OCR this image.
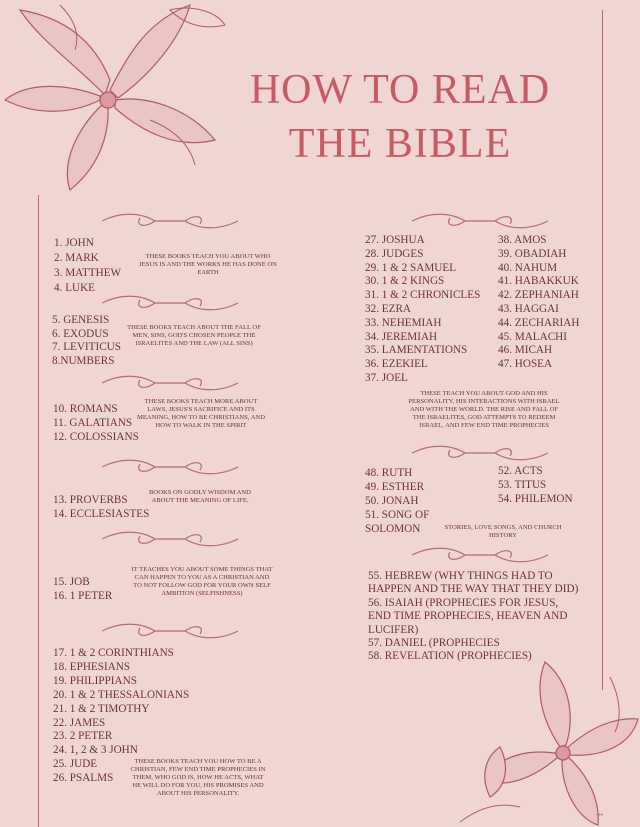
•••
HOW TO READ
THE BIBLE
1. JOHN
2. MARK
3. MATTHEW
4. LUKE
THESE BOOKS TEACH YOU ABOUT WHO JESUS IS AND THE WORKS HE HAS DONE ON EARTH
5. GENESIS
6. EXODUS
7. LEVITICUS
8.NUMBERS
THESE BOOKS TEACH ABOUT THE FALL OF MEN, SINS, GOD'S CHOSEN PEOPLE THE ISRAELITES AND THE LAW (ALL SINS)
10. ROMANS
11. GALATIANS
12. COLOSSIANS
THESE BOOKS TEACH MORE ABOUT LAWS, JESUS'S SACRIFICE AND ITS MEANING, HOW TO BE CHRISTIANS, AND HOW TO WALK IN THE SPIRIT
13. PROVERBS
14. ECCLESIASTES
BOOKS ON GODLY WISDOM AND ABOUT THE MEANING OF LIFE.
15. JOB
16. 1 PETER
IT TEACHES YOU ABOUT SOME THINGS THAT CAN HAPPEN TO YOU AS A CHRISTIAN AND TO NOT FOLLOW GOD FOR YOUR OWN SELF AMBITION (SELFISHNESS)
17. 1 & 2 CORINTHIANS
18. EPHESIANS
19. PHILIPPIANS
20. 1 & 2 THESSALONIANS
21. 1 & 2 TIMOTHY
22. JAMES
23. 2 PETER
24. 1, 2 & 3 JOHN
25. JUDE
26. PSALMS
THESE BOOKS TEACH YOU HOW TO BE A CHRISTIAN, FEW END TIME PROPHECIES IN THEM, WHO GOD IS, HOW HE ACTS, WHAT HE WILL DO FOR YOU, HIS PROMISES AND ABOUT HIS PERSONALITY.
27. JOSHUA
28. JUDGES
29. 1 & 2 SAMUEL
30. 1 & 2 KINGS
31. 1 & 2 CHRONICLES
32. EZRA
33. NEHEMIAH
34. JEREMIAH
35. LAMENTATIONS
36. EZEKIEL
37. JOEL
38. AMOS
39. OBADIAH
40. NAHUM
41. HABAKKUK
42. ZEPHANIAH
43. HAGGAI
44. ZECHARIAH
45. MALACHI
46. MICAH
47. HOSEA
THESE TEACH YOU ABOUT GOD AND HIS PERSONALITY, HIS INTERACTIONS WITH ISRAEL AND WITH THE WORLD. THE RISE AND FALL OF THE ISRAELITES, GOD ATTEMPTS TO REDEEM ISRAEL, AND FEW END TIME PROPHECIES
48. RUTH
49. ESTHER
50. JONAH
51. SONG OF
SOLOMON
52. ACTS
53. TITUS
54. PHILEMON
STORIES, LOVE SONGS, AND CHURCH HISTORY
55. HEBREW (WHY THINGS HAD TO HAPPEN AND THE WAY THAT THEY DID)
56. ISAIAH (PROPHECIES FOR JESUS, END TIME PROPHECIES, HEAVEN AND LUCIFER)
57. DANIEL (PROPHECIES
58. REVELATION (PROPHECIES)
